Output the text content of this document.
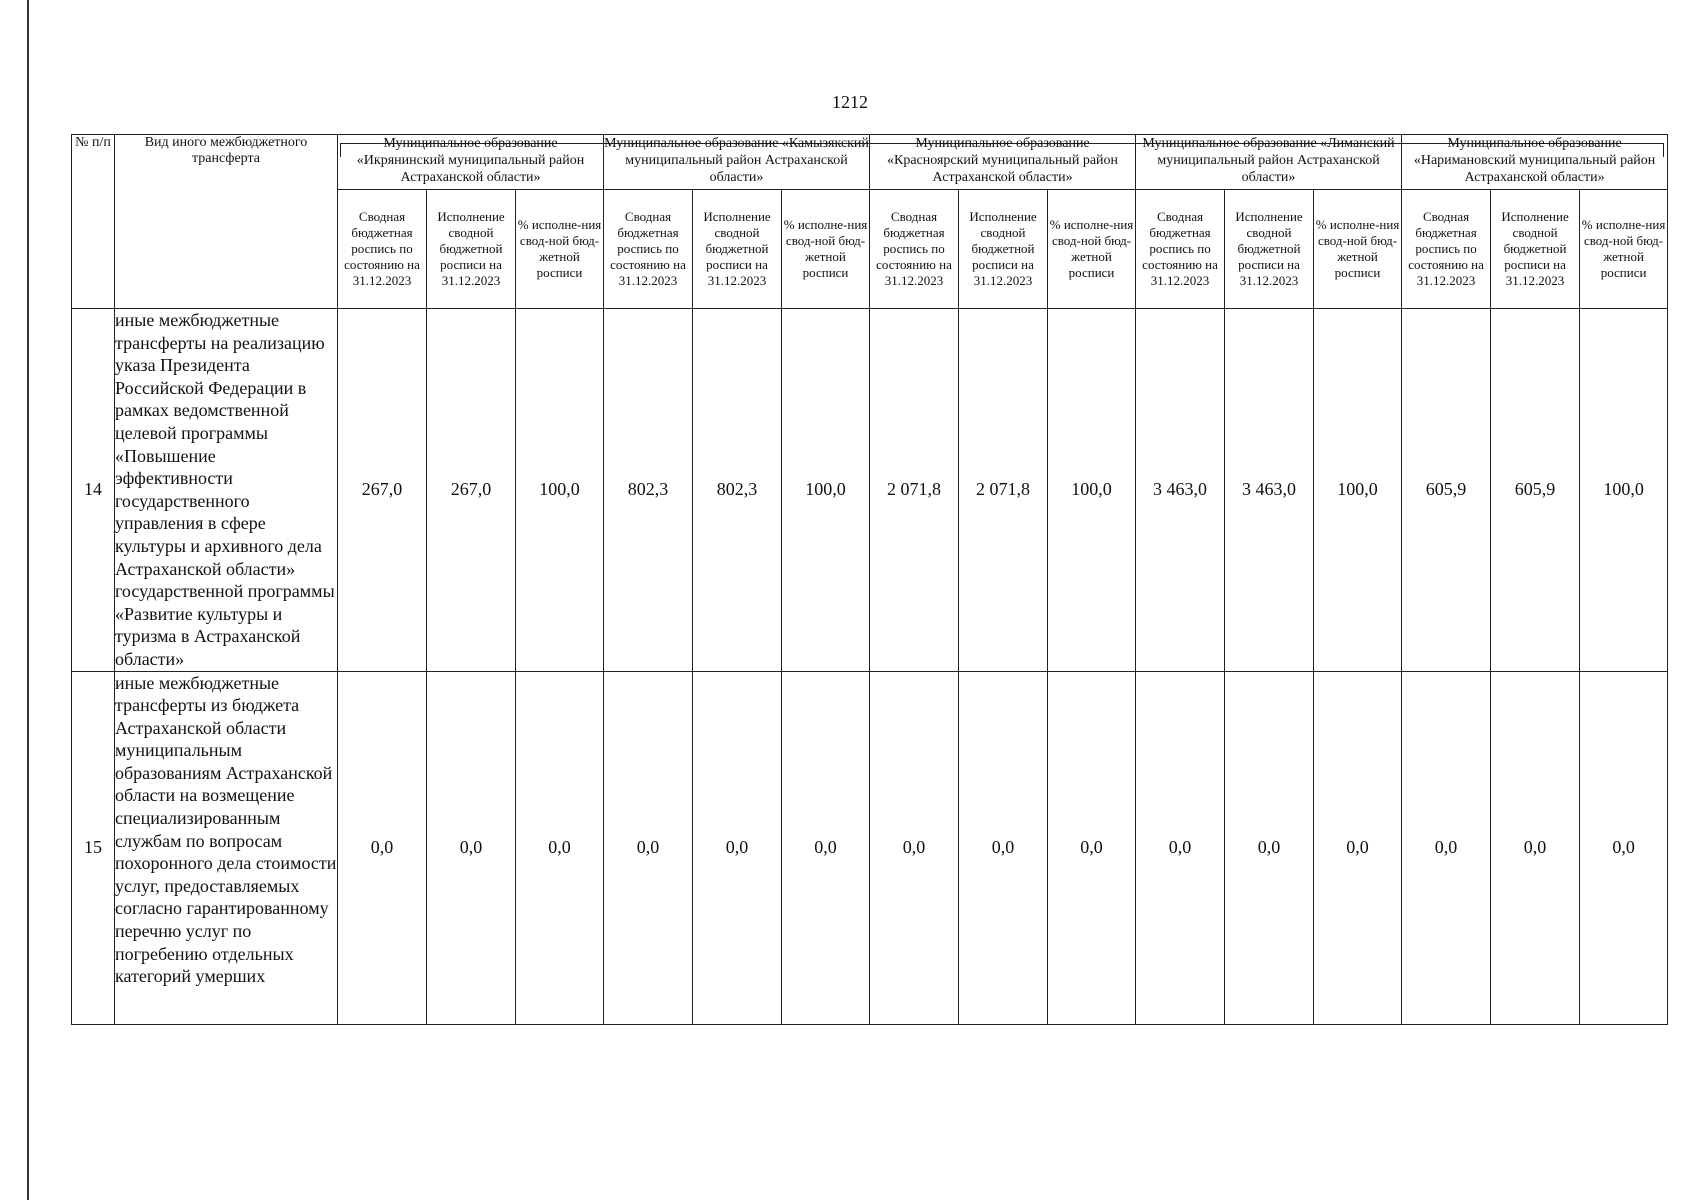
1212
№ п/п	Вид иного межбюджетного трансферта	Муниципальное образование «Икрянинский муниципальный район Астраханской области»			Муниципальное образование «Камызякский муниципальный район Астраханской области»			Муниципальное образование «Красноярский муниципальный район Астраханской области»			Муниципальное образование «Лиманский муниципальный район Астраханской области»			Муниципальное образование «Наримановский муниципальный район Астраханской области»		
		Сводная бюджетная роспись по состоянию на 31.12.2023	Исполнение сводной бюджетной росписи на 31.12.2023	% исполне-ния свод-ной бюд-жетной росписи	Сводная бюджетная роспись по состоянию на 31.12.2023	Исполнение сводной бюджетной росписи на 31.12.2023	% исполне-ния свод-ной бюд-жетной росписи	Сводная бюджетная роспись по состоянию на 31.12.2023	Исполнение сводной бюджетной росписи на 31.12.2023	% исполне-ния свод-ной бюд-жетной росписи	Сводная бюджетная роспись по состоянию на 31.12.2023	Исполнение сводной бюджетной росписи на 31.12.2023	% исполне-ния свод-ной бюд-жетной росписи	Сводная бюджетная роспись по состоянию на 31.12.2023	Исполнение сводной бюджетной росписи на 31.12.2023	% исполне-ния свод-ной бюд-жетной росписи
14	иные межбюджетные трансферты на реализацию указа Президента Российской Федерации в рамках ведомственной целевой программы «Повышение эффективности государственного управления в сфере культуры и архивного дела Астраханской области» государственной программы «Развитие культуры и туризма в Астраханской области»	267,0	267,0	100,0	802,3	802,3	100,0	2 071,8	2 071,8	100,0	3 463,0	3 463,0	100,0	605,9	605,9	100,0
15	иные межбюджетные трансферты из бюджета Астраханской области муниципальным образованиям Астраханской области на возмещение специализированным службам по вопросам похоронного дела стоимости услуг, предоставляемых согласно гарантированному перечню услуг по погребению отдельных категорий умерших	0,0	0,0	0,0	0,0	0,0	0,0	0,0	0,0	0,0	0,0	0,0	0,0	0,0	0,0	0,0
